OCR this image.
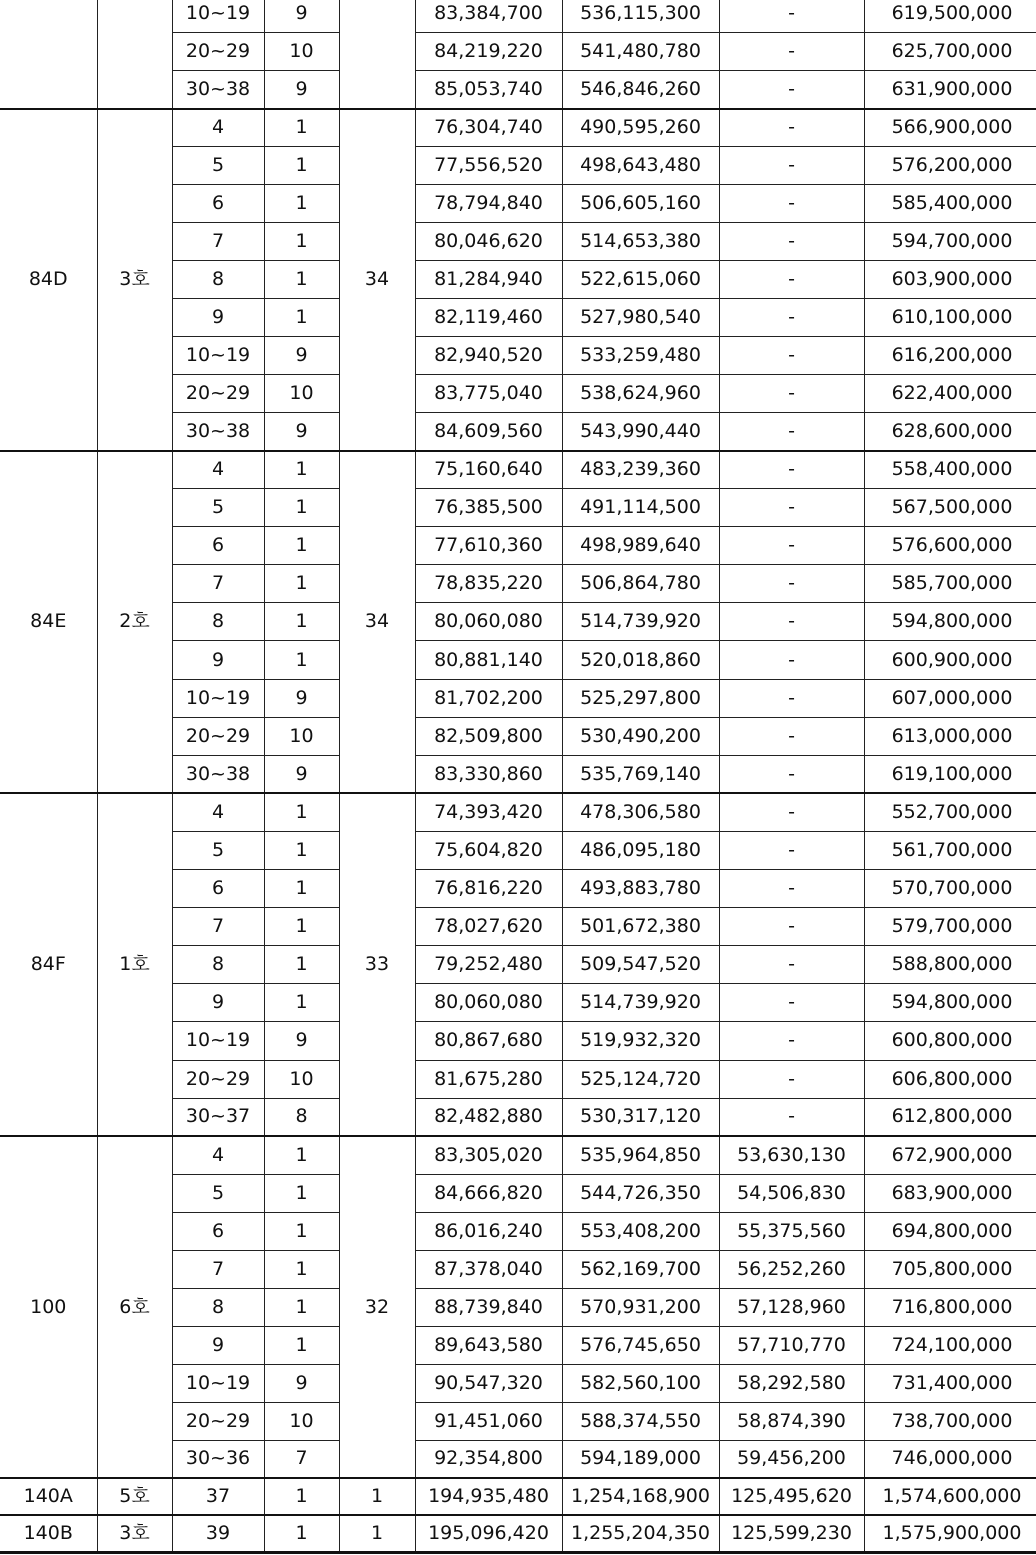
		10~19	9		83,384,700	536,115,300	-	619,500,000
		20~29	10		84,219,220	541,480,780	-	625,700,000
		30~38	9		85,053,740	546,846,260	-	631,900,000
84D	3호	4	1	34	76,304,740	490,595,260	-	566,900,000
		5	1		77,556,520	498,643,480	-	576,200,000
		6	1		78,794,840	506,605,160	-	585,400,000
		7	1		80,046,620	514,653,380	-	594,700,000
		8	1		81,284,940	522,615,060	-	603,900,000
		9	1		82,119,460	527,980,540	-	610,100,000
		10~19	9		82,940,520	533,259,480	-	616,200,000
		20~29	10		83,775,040	538,624,960	-	622,400,000
		30~38	9		84,609,560	543,990,440	-	628,600,000
84E	2호	4	1	34	75,160,640	483,239,360	-	558,400,000
		5	1		76,385,500	491,114,500	-	567,500,000
		6	1		77,610,360	498,989,640	-	576,600,000
		7	1		78,835,220	506,864,780	-	585,700,000
		8	1		80,060,080	514,739,920	-	594,800,000
		9	1		80,881,140	520,018,860	-	600,900,000
		10~19	9		81,702,200	525,297,800	-	607,000,000
		20~29	10		82,509,800	530,490,200	-	613,000,000
		30~38	9		83,330,860	535,769,140	-	619,100,000
84F	1호	4	1	33	74,393,420	478,306,580	-	552,700,000
		5	1		75,604,820	486,095,180	-	561,700,000
		6	1		76,816,220	493,883,780	-	570,700,000
		7	1		78,027,620	501,672,380	-	579,700,000
		8	1		79,252,480	509,547,520	-	588,800,000
		9	1		80,060,080	514,739,920	-	594,800,000
		10~19	9		80,867,680	519,932,320	-	600,800,000
		20~29	10		81,675,280	525,124,720	-	606,800,000
		30~37	8		82,482,880	530,317,120	-	612,800,000
100	6호	4	1	32	83,305,020	535,964,850	53,630,130	672,900,000
		5	1		84,666,820	544,726,350	54,506,830	683,900,000
		6	1		86,016,240	553,408,200	55,375,560	694,800,000
		7	1		87,378,040	562,169,700	56,252,260	705,800,000
		8	1		88,739,840	570,931,200	57,128,960	716,800,000
		9	1		89,643,580	576,745,650	57,710,770	724,100,000
		10~19	9		90,547,320	582,560,100	58,292,580	731,400,000
		20~29	10		91,451,060	588,374,550	58,874,390	738,700,000
		30~36	7		92,354,800	594,189,000	59,456,200	746,000,000
140A	5호	37	1	1	194,935,480	1,254,168,900	125,495,620	1,574,600,000
140B	3호	39	1	1	195,096,420	1,255,204,350	125,599,230	1,575,900,000
